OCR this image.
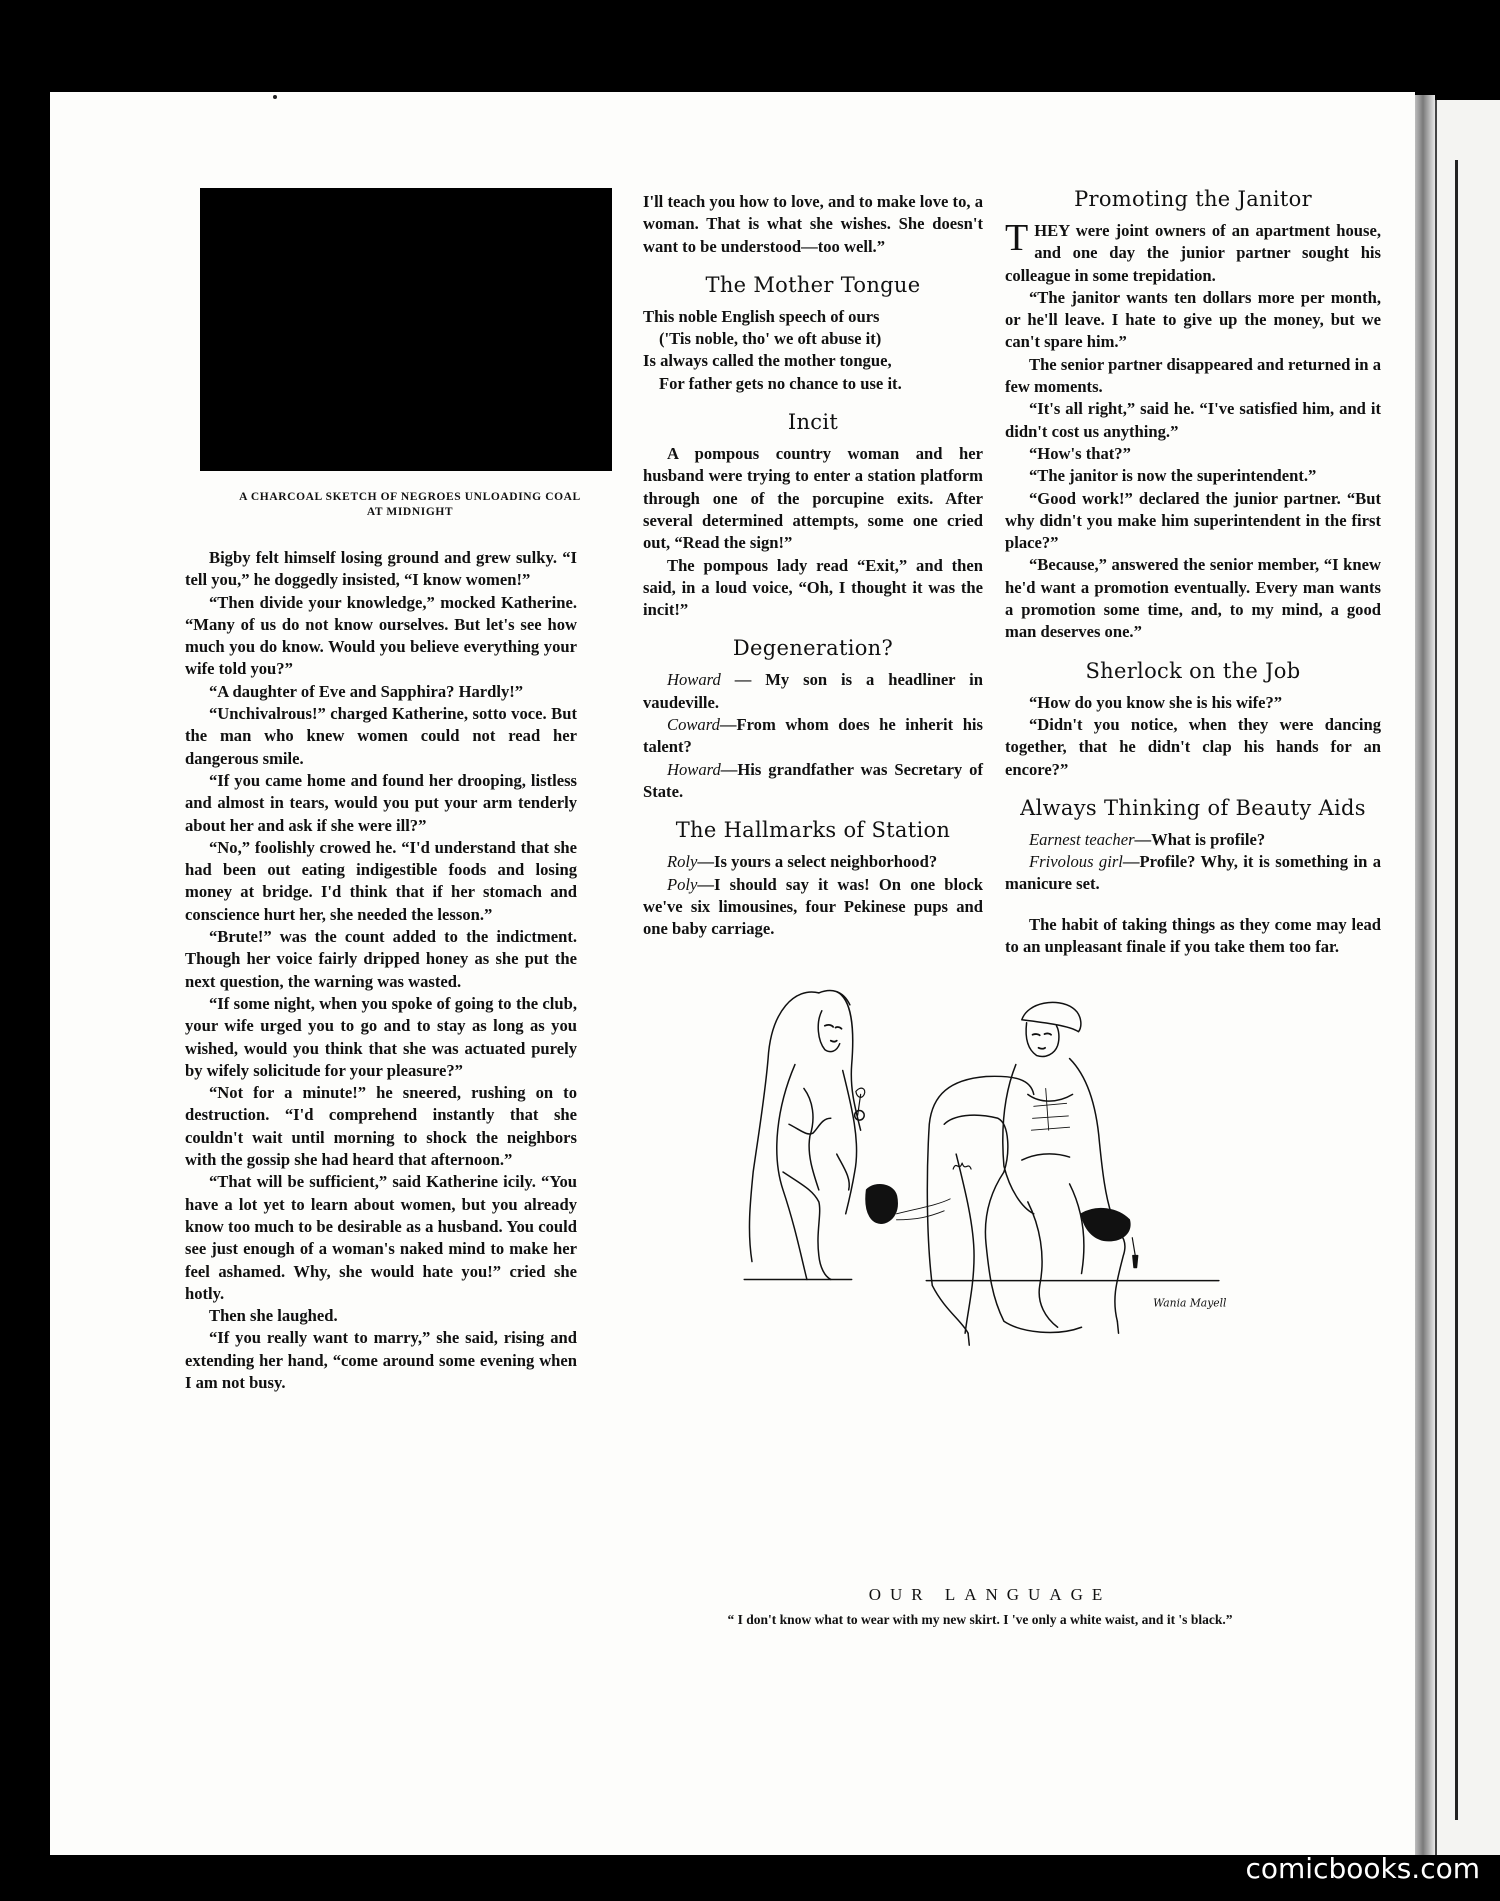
A CHARCOAL SKETCH OF NEGROES UNLOADING COAL
AT MIDNIGHT

Bigby felt himself losing ground and grew sulky. “I tell you,” he doggedly insisted, “I know women!”

“Then divide your knowledge,” mocked Katherine. “Many of us do not know ourselves. But let's see how much you do know. Would you believe everything your wife told you?”

“A daughter of Eve and Sapphira? Hardly!”

“Unchivalrous!” charged Katherine, sotto voce. But the man who knew women could not read her dangerous smile.

“If you came home and found her drooping, listless and almost in tears, would you put your arm tenderly about her and ask if she were ill?”

“No,” foolishly crowed he. “I'd understand that she had been out eating indigestible foods and losing money at bridge. I'd think that if her stomach and conscience hurt her, she needed the lesson.”

“Brute!” was the count added to the indictment. Though her voice fairly dripped honey as she put the next question, the warning was wasted.

“If some night, when you spoke of going to the club, your wife urged you to go and to stay as long as you wished, would you think that she was actuated purely by wifely solicitude for your pleasure?”

“Not for a minute!” he sneered, rushing on to destruction. “I'd comprehend instantly that she couldn't wait until morning to shock the neighbors with the gossip she had heard that afternoon.”

“That will be sufficient,” said Katherine icily. “You have a lot yet to learn about women, but you already know too much to be desirable as a husband. You could see just enough of a woman's naked mind to make her feel ashamed. Why, she would hate you!” cried she hotly.

Then she laughed.

“If you really want to marry,” she said, rising and extending her hand, “come around some evening when I am not busy.

I'll teach you how to love, and to make love to, a woman. That is what she wishes. She doesn't want to be understood—too well.”

The Mother Tongue

This noble English speech of ours

('Tis noble, tho' we oft abuse it)

Is always called the mother tongue,

For father gets no chance to use it.

Incit

A pompous country woman and her husband were trying to enter a station platform through one of the porcupine exits. After several determined attempts, some one cried out, “Read the sign!”

The pompous lady read “Exit,” and then said, in a loud voice, “Oh, I thought it was the incit!”

Degeneration?

Howard — My son is a headliner in vaudeville.

Coward—From whom does he inherit his talent?

Howard—His grandfather was Secretary of State.

The Hallmarks of Station

Roly—Is yours a select neighborhood?

Poly—I should say it was! On one block we've six limousines, four Pekinese pups and one baby carriage.

Promoting the Janitor

THEY were joint owners of an apartment house, and one day the junior partner sought his colleague in some trepidation.

“The janitor wants ten dollars more per month, or he'll leave. I hate to give up the money, but we can't spare him.”

The senior partner disappeared and returned in a few moments.

“It's all right,” said he. “I've satisfied him, and it didn't cost us anything.”

“How's that?”

“The janitor is now the superintendent.”

“Good work!” declared the junior partner. “But why didn't you make him superintendent in the first place?”

“Because,” answered the senior member, “I knew he'd want a promotion eventually. Every man wants a promotion some time, and, to my mind, a good man deserves one.”

Sherlock on the Job

“How do you know she is his wife?”

“Didn't you notice, when they were dancing together, that he didn't clap his hands for an encore?”

Always Thinking of Beauty Aids

Earnest teacher—What is profile?

Frivolous girl—Profile? Why, it is something in a manicure set.

The habit of taking things as they come may lead to an unpleasant finale if you take them too far.

Wania Mayell
OUR LANGUAGE
“ I don't know what to wear with my new skirt. I 've only a white waist, and it 's black.”
comicbooks.com
